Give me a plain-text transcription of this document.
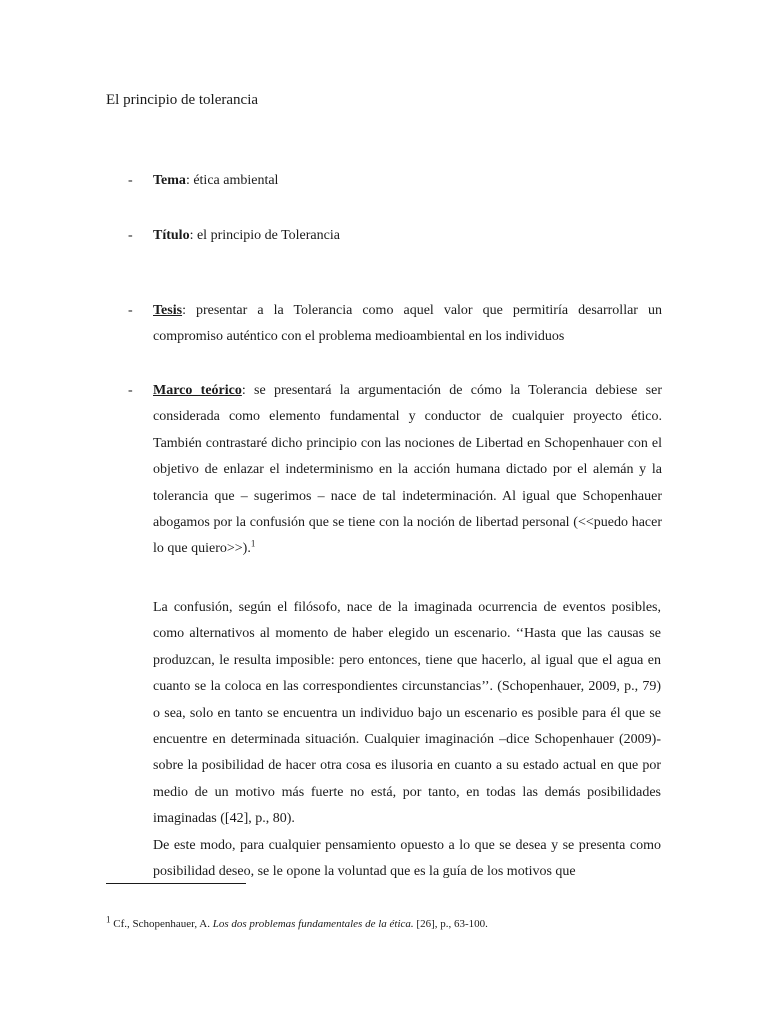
El principio de tolerancia
- Tema: ética ambiental
- Título: el principio de Tolerancia
- Tesis: presentar a la Tolerancia como aquel valor que permitiría desarrollar un compromiso auténtico con el problema medioambiental en los individuos
- Marco teórico: se presentará la argumentación de cómo la Tolerancia debiese ser considerada como elemento fundamental y conductor de cualquier proyecto ético. También contrastaré dicho principio con las nociones de Libertad en Schopenhauer con el objetivo de enlazar el indeterminismo en la acción humana dictado por el alemán y la tolerancia que – sugerimos – nace de tal indeterminación. Al igual que Schopenhauer abogamos por la confusión que se tiene con la noción de libertad personal (<<puedo hacer lo que quiero>>).$^1$

La confusión, según el filósofo, nace de la imaginada ocurrencia de eventos posibles, como alternativos al momento de haber elegido un escenario. ‘‘Hasta que las causas se produzcan, le resulta imposible: pero entonces, tiene que hacerlo, al igual que el agua en cuanto se la coloca en las correspondientes circunstancias’’. (Schopenhauer, 2009, p., 79) o sea, solo en tanto se encuentra un individuo bajo un escenario es posible para él que se encuentre en determinada situación. Cualquier imaginación –dice Schopenhauer (2009)- sobre la posibilidad de hacer otra cosa es ilusoria en cuanto a su estado actual en que por medio de un motivo más fuerte no está, por tanto, en todas las demás posibilidades imaginadas ([42], p., 80).

De este modo, para cualquier pensamiento opuesto a lo que se desea y se presenta como posibilidad deseo, se le opone la voluntad que es la guía de los motivos que

$^1$ Cf., Schopenhauer, A. Los dos problemas fundamentales de la ética. [26], p., 63-100.
